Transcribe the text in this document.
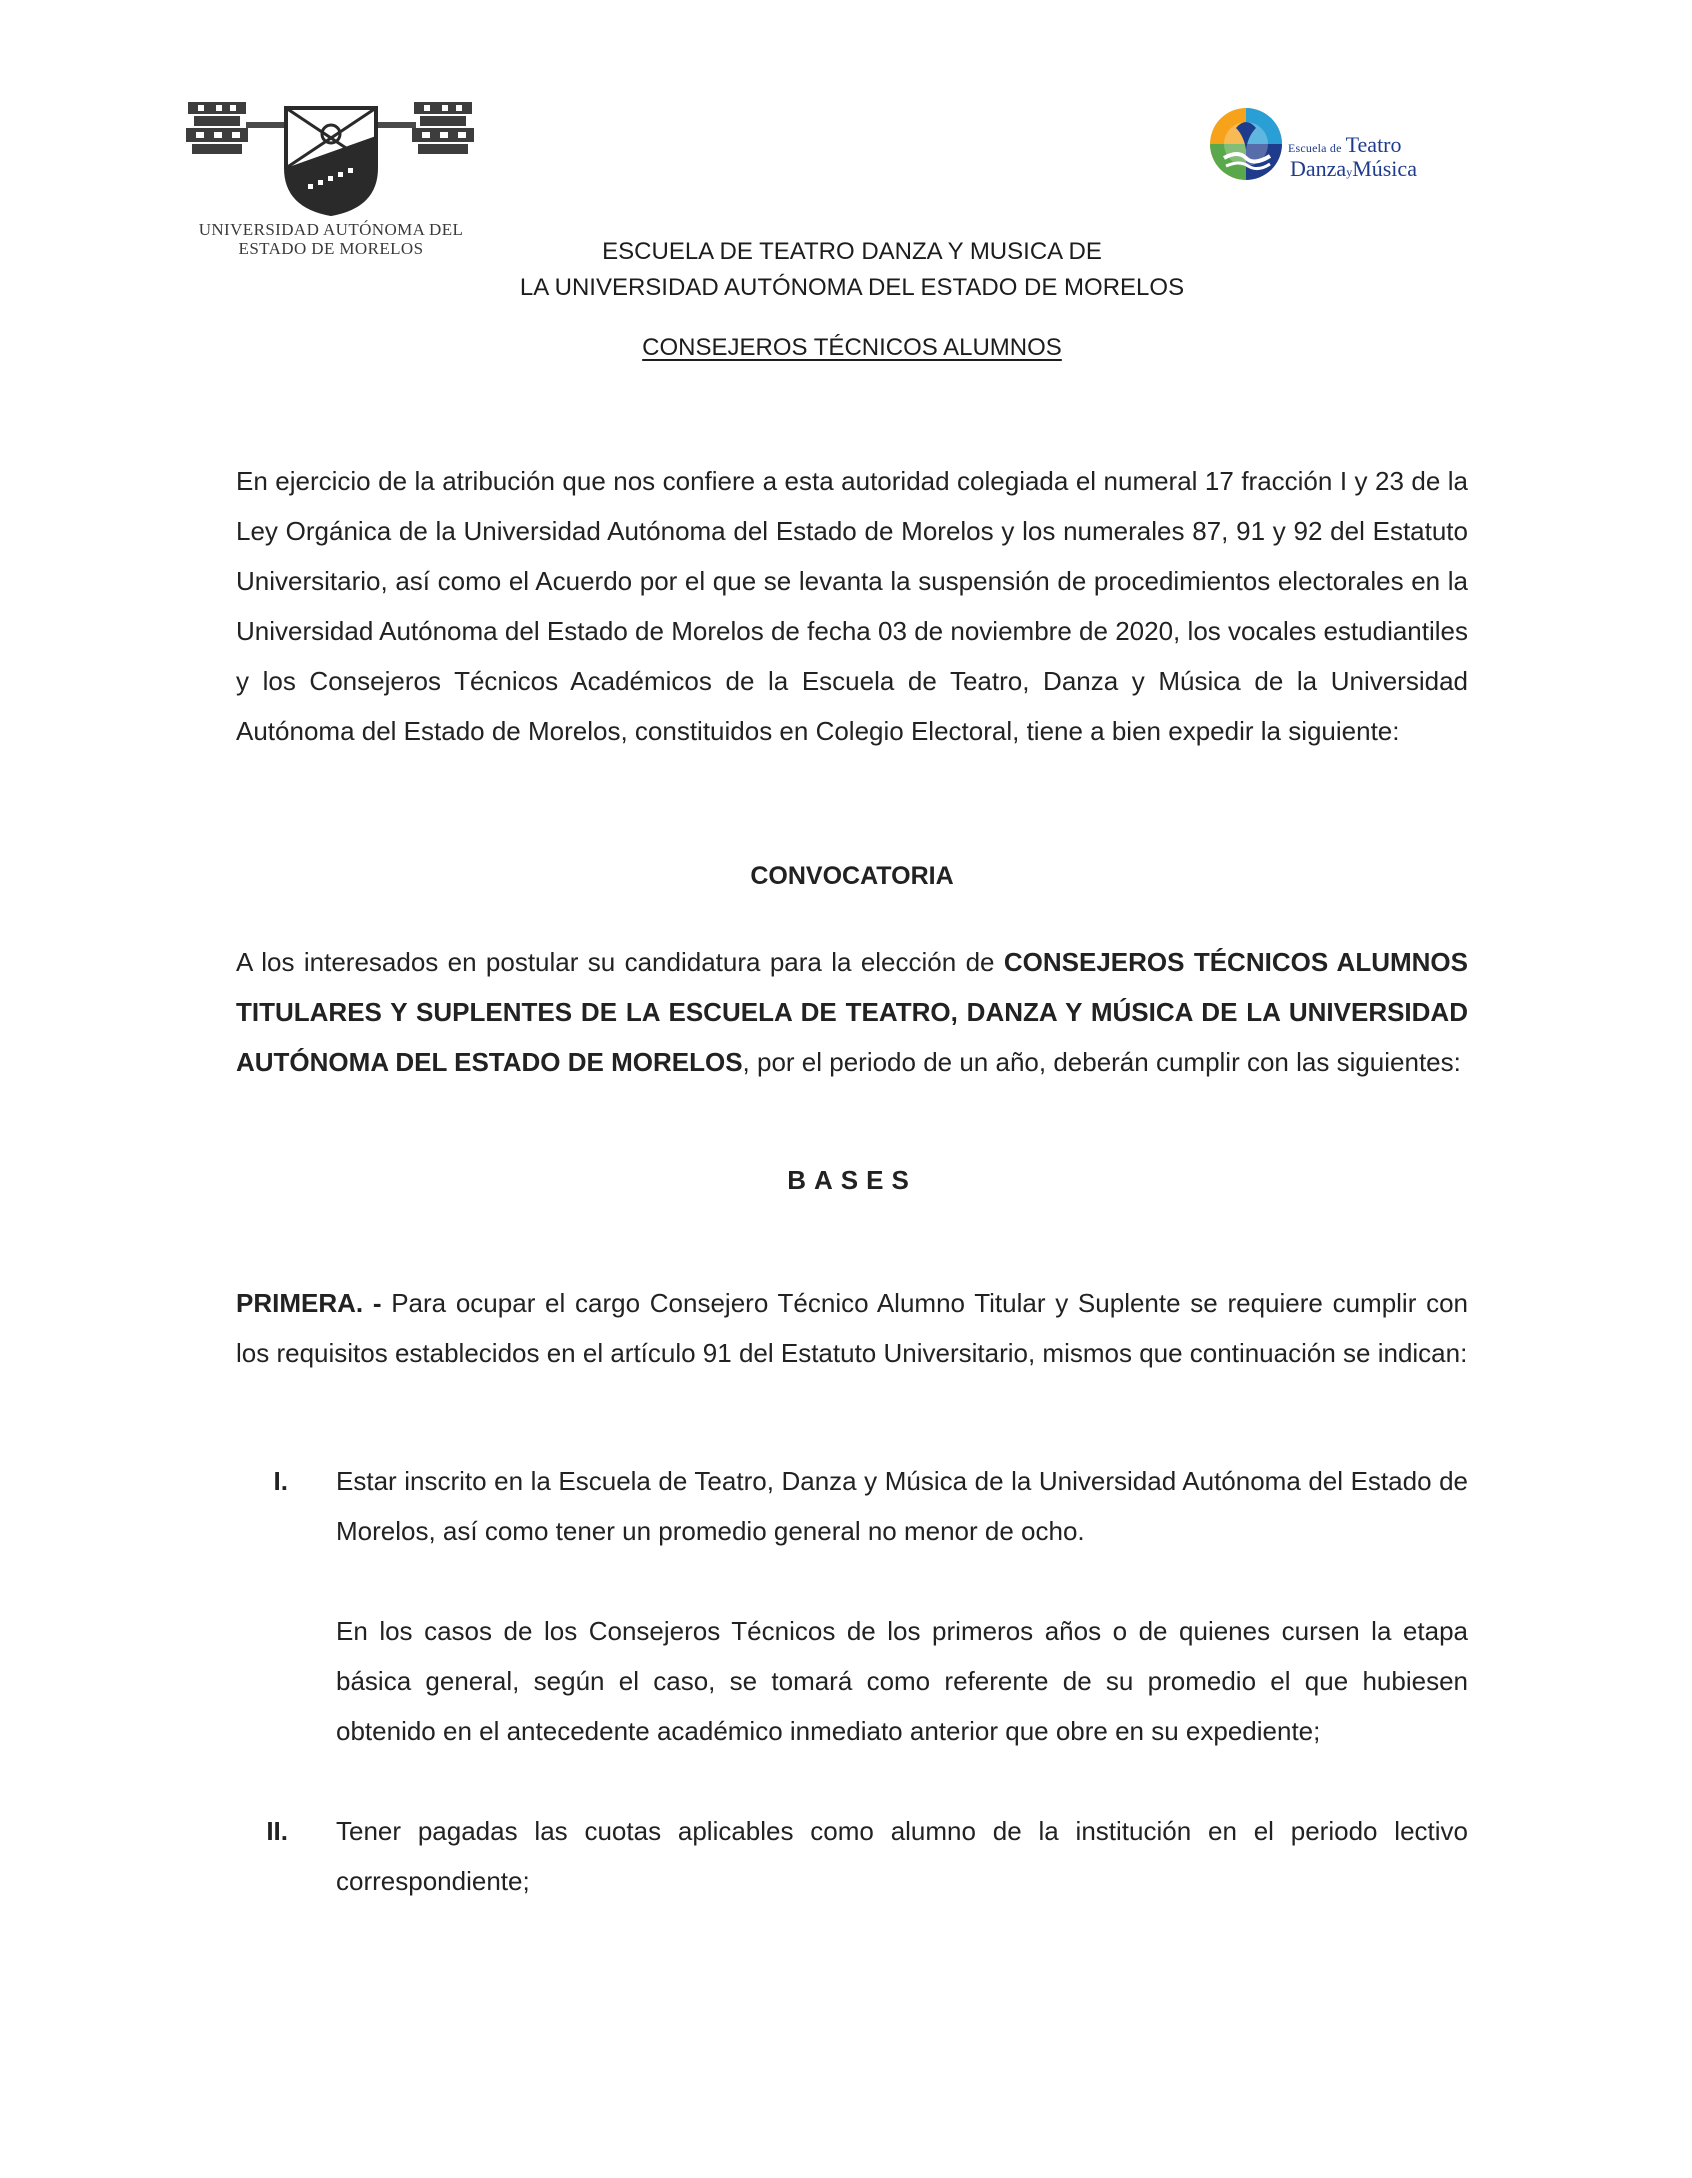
UNIVERSIDAD AUTÓNOMA DEL
ESTADO DE MORELOS
Escuela de Teatro
DanzayMúsica
ESCUELA DE TEATRO DANZA Y MUSICA DE
LA UNIVERSIDAD AUTÓNOMA DEL ESTADO DE MORELOS
CONSEJEROS TÉCNICOS ALUMNOS
En ejercicio de la atribución que nos confiere a esta autoridad colegiada el numeral 17 fracción I y 23 de la Ley Orgánica de la Universidad Autónoma del Estado de Morelos y los numerales 87, 91 y 92 del Estatuto Universitario, así como el Acuerdo por el que se levanta la suspensión de procedimientos electorales en la Universidad Autónoma del Estado de Morelos de fecha 03 de noviembre de 2020, los vocales estudiantiles y los Consejeros Técnicos Académicos de la Escuela de Teatro, Danza y Música de la Universidad Autónoma del Estado de Morelos, constituidos en Colegio Electoral, tiene a bien expedir la siguiente:
CONVOCATORIA
A los interesados en postular su candidatura para la elección de CONSEJEROS TÉCNICOS ALUMNOS TITULARES Y SUPLENTES DE LA ESCUELA DE TEATRO, DANZA Y MÚSICA DE LA UNIVERSIDAD AUTÓNOMA DEL ESTADO DE MORELOS, por el periodo de un año, deberán cumplir con las siguientes:
BASES
PRIMERA. - Para ocupar el cargo Consejero Técnico Alumno Titular y Suplente se requiere cumplir con los requisitos establecidos en el artículo 91 del Estatuto Universitario, mismos que continuación se indican:
I. Estar inscrito en la Escuela de Teatro, Danza y Música de la Universidad Autónoma del Estado de Morelos, así como tener un promedio general no menor de ocho.
En los casos de los Consejeros Técnicos de los primeros años o de quienes cursen la etapa básica general, según el caso, se tomará como referente de su promedio el que hubiesen obtenido en el antecedente académico inmediato anterior que obre en su expediente;
II. Tener pagadas las cuotas aplicables como alumno de la institución en el periodo lectivo correspondiente;
